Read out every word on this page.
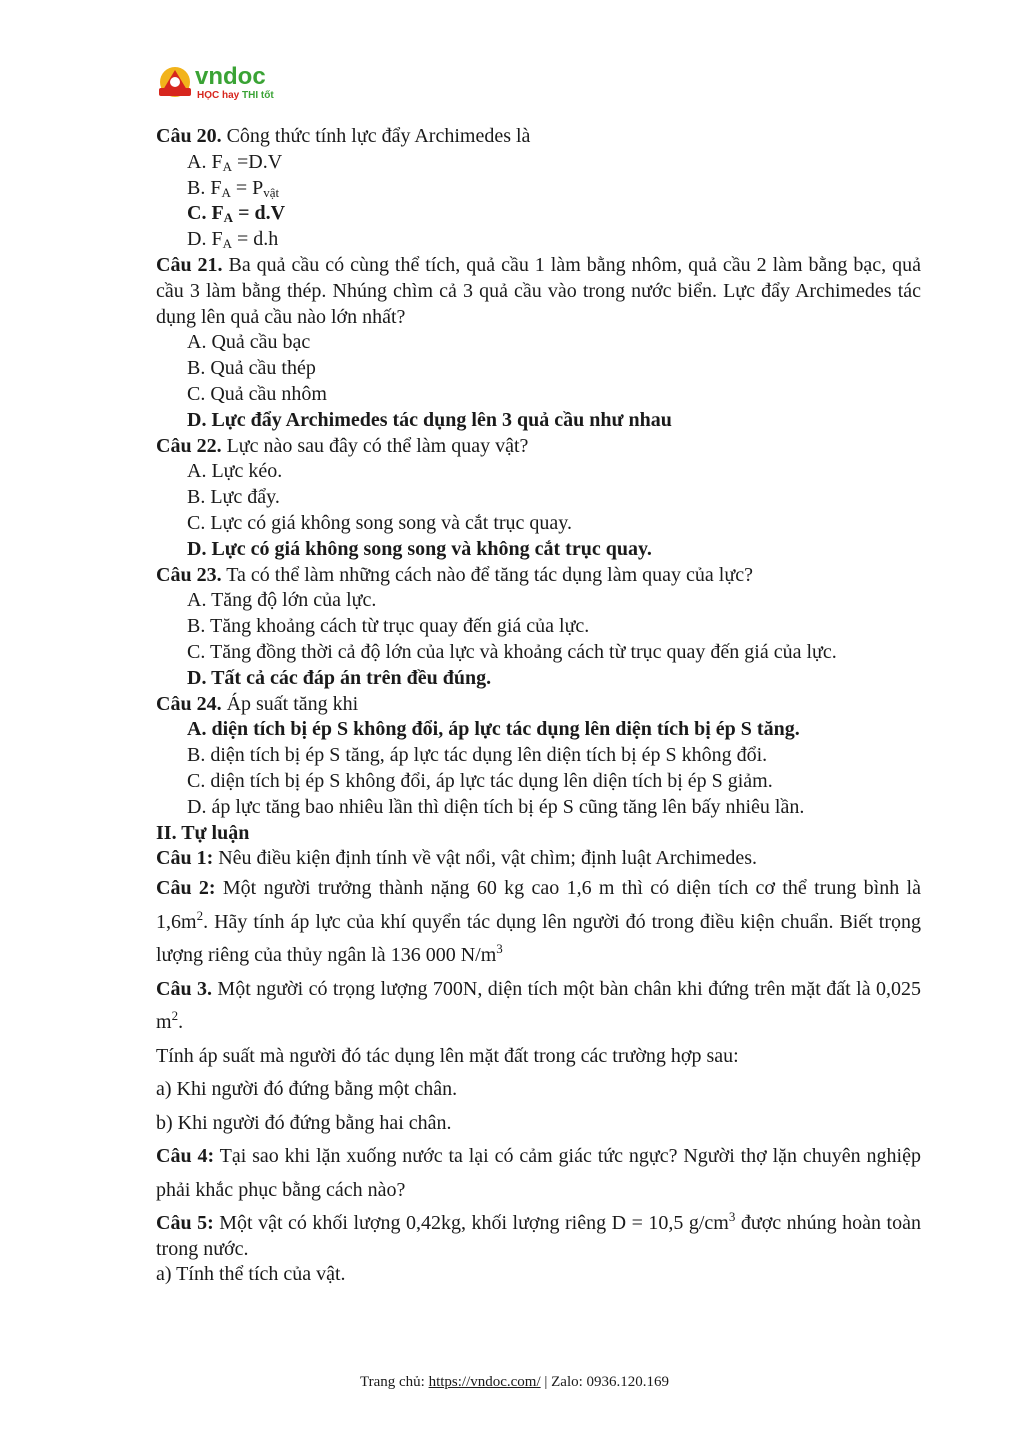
vndoc
HỌC hay THI tốt
Câu 20. Công thức tính lực đẩy Archimedes là
A. FA =D.V
B. FA = Pvật
C. FA = d.V
D. FA = d.h
Câu 21. Ba quả cầu có cùng thể tích, quả cầu 1 làm bằng nhôm, quả cầu 2 làm bằng bạc, quả cầu 3 làm bằng thép. Nhúng chìm cả 3 quả cầu vào trong nước biển. Lực đẩy Archimedes tác dụng lên quả cầu nào lớn nhất?
A. Quả cầu bạc
B. Quả cầu thép
C. Quả cầu nhôm
D. Lực đẩy Archimedes tác dụng lên 3 quả cầu như nhau
Câu 22. Lực nào sau đây có thể làm quay vật?
A. Lực kéo.
B. Lực đẩy.
C. Lực có giá không song song và cắt trục quay.
D. Lực có giá không song song và không cắt trục quay.
Câu 23. Ta có thể làm những cách nào để tăng tác dụng làm quay của lực?
A. Tăng độ lớn của lực.
B. Tăng khoảng cách từ trục quay đến giá của lực.
C. Tăng đồng thời cả độ lớn của lực và khoảng cách từ trục quay đến giá của lực.
D. Tất cả các đáp án trên đều đúng.
Câu 24. Áp suất tăng khi
A. diện tích bị ép S không đổi, áp lực tác dụng lên diện tích bị ép S tăng.
B. diện tích bị ép S tăng, áp lực tác dụng lên diện tích bị ép S không đổi.
C. diện tích bị ép S không đổi, áp lực tác dụng lên diện tích bị ép S giảm.
D. áp lực tăng bao nhiêu lần thì diện tích bị ép S cũng tăng lên bấy nhiêu lần.
II. Tự luận
Câu 1: Nêu điều kiện định tính về vật nổi, vật chìm; định luật Archimedes.
Câu 2: Một người trưởng thành nặng 60 kg cao 1,6 m thì có diện tích cơ thể trung bình là $1,6m^2$. Hãy tính áp lực của khí quyển tác dụng lên người đó trong điều kiện chuẩn. Biết trọng lượng riêng của thủy ngân là 136 000 $N/m^3$
Câu 3. Một người có trọng lượng 700N, diện tích một bàn chân khi đứng trên mặt đất là 0,025 $m^2$.
Tính áp suất mà người đó tác dụng lên mặt đất trong các trường hợp sau:
a) Khi người đó đứng bằng một chân.
b) Khi người đó đứng bằng hai chân.
Câu 4: Tại sao khi lặn xuống nước ta lại có cảm giác tức ngực? Người thợ lặn chuyên nghiệp phải khắc phục bằng cách nào?
Câu 5: Một vật có khối lượng 0,42kg, khối lượng riêng D = 10,5 $g/cm^3$ được nhúng hoàn toàn trong nước.
a) Tính thể tích của vật.
Trang chủ: https://vndoc.com/ | Zalo: 0936.120.169
